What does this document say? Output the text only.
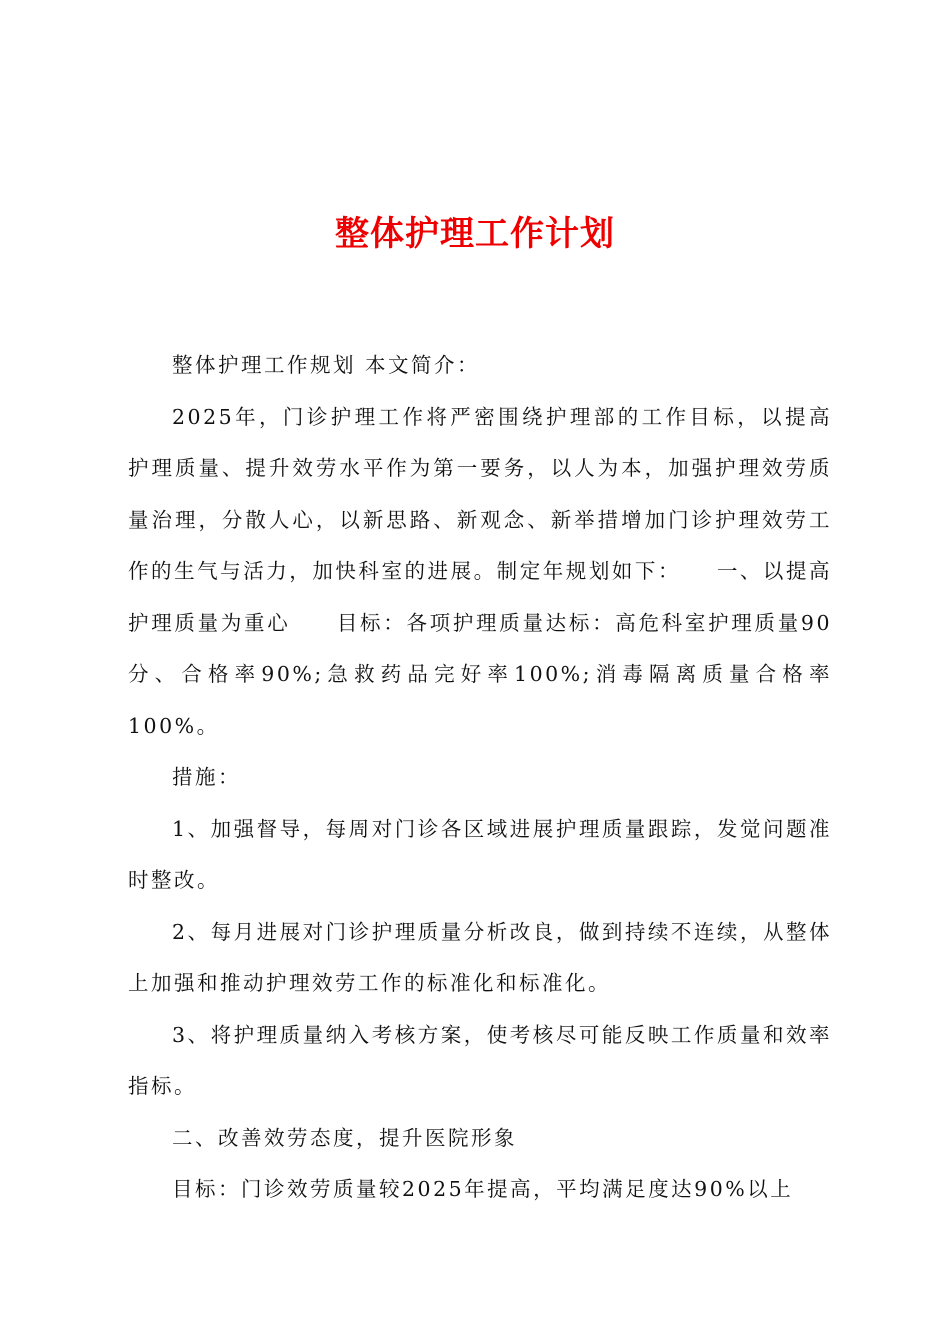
整体护理工作计划

整体护理工作规划 本文简介：

2025年，门诊护理工作将严密围绕护理部的工作目标，以提高护理质量、提升效劳水平作为第一要务，以人为本，加强护理效劳质量治理，分散人心，以新思路、新观念、新举措增加门诊护理效劳工作的生气与活力，加快科室的进展。制定年规划如下：　　一、以提高护理质量为重心　　目标：各项护理质量达标：高危科室护理质量90分、合格率90%;急救药品完好率100%;消毒隔离质量合格率100%。

措施：

1、加强督导，每周对门诊各区域进展护理质量跟踪，发觉问题准时整改。

2、每月进展对门诊护理质量分析改良，做到持续不连续，从整体上加强和推动护理效劳工作的标准化和标准化。

3、将护理质量纳入考核方案，使考核尽可能反映工作质量和效率指标。

二、改善效劳态度，提升医院形象

目标：门诊效劳质量较2025年提高，平均满足度达90%以上
